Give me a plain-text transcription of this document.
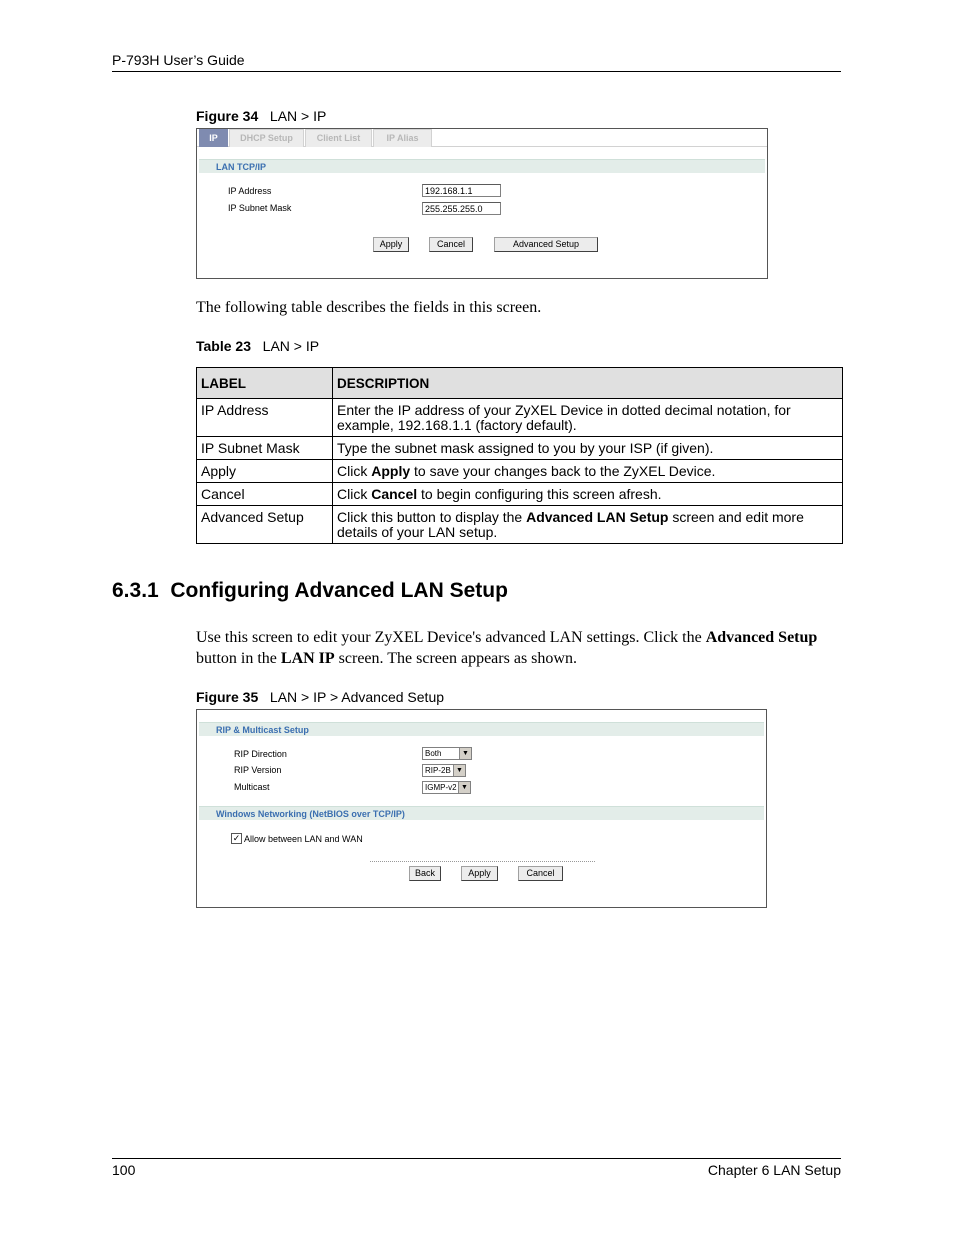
P-793H User’s Guide
Figure 34 LAN > IP
IP	DHCP Setup	Client List	IP Alias
LAN TCP/IP
IP Address	192.168.1.1
IP Subnet Mask	255.255.255.0
Apply	Cancel	Advanced Setup
The following table describes the fields in this screen.
Table 23 LAN > IP
LABEL	DESCRIPTION
IP Address	Enter the IP address of your ZyXEL Device in dotted decimal notation, for example, 192.168.1.1 (factory default).
IP Subnet Mask	Type the subnet mask assigned to you by your ISP (if given).
Apply	Click Apply to save your changes back to the ZyXEL Device.
Cancel	Click Cancel to begin configuring this screen afresh.
Advanced Setup	Click this button to display the Advanced LAN Setup screen and edit more details of your LAN setup.
6.3.1  Configuring Advanced LAN Setup
Use this screen to edit your ZyXEL Device's advanced LAN settings. Click the Advanced Setup button in the LAN IP screen. The screen appears as shown.
Figure 35 LAN > IP > Advanced Setup
RIP & Multicast Setup
RIP Direction	Both	▼
RIP Version	RIP-2B ▼
Multicast	IGMP-v2 ▼
Windows Networking (NetBIOS over TCP/IP)
✓ Allow between LAN and WAN
Back	Apply	Cancel
100	Chapter 6 LAN Setup
